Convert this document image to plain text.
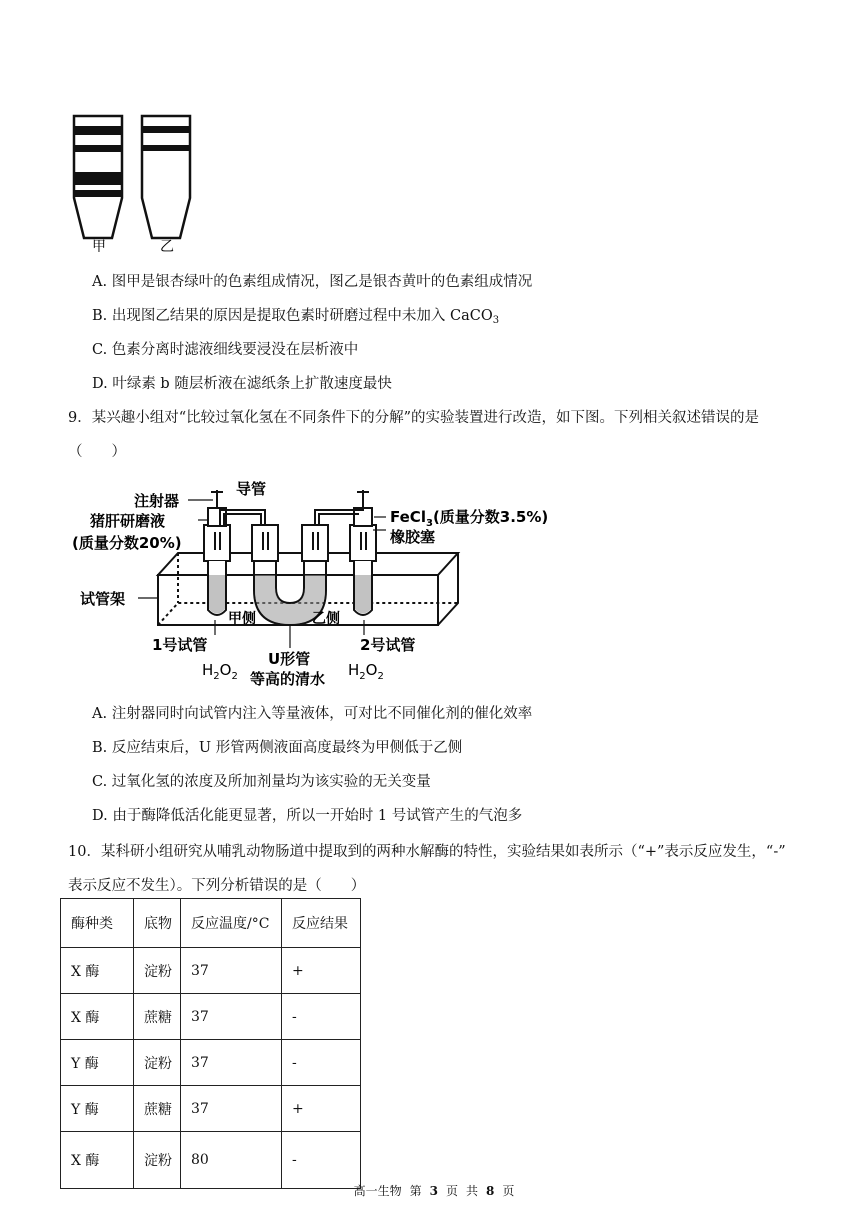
甲	乙
A. 图甲是银杏绿叶的色素组成情况，图乙是银杏黄叶的色素组成情况
B. 出现图乙结果的原因是提取色素时研磨过程中未加入 CaCO$_3$
C. 色素分离时滤液细线要浸没在层析液中
D. 叶绿素 b 随层析液在滤纸条上扩散速度最快
9．某兴趣小组对“比较过氧化氢在不同条件下的分解”的实验装置进行改造，如下图。下列相关叙述错误的是
（　　）
注射器
导管
猪肝研磨液
(质量分数20%)
FeCl$_3$(质量分数3.5%)
橡胶塞
试管架
甲侧	乙侧
1号试管	2号试管
$H_2O_2$	$H_2O_2$
U形管
等高的清水
A. 注射器同时向试管内注入等量液体，可对比不同催化剂的催化效率
B. 反应结束后，U 形管两侧液面高度最终为甲侧低于乙侧
C. 过氧化氢的浓度及所加剂量均为该实验的无关变量
D. 由于酶降低活化能更显著，所以一开始时 1 号试管产生的气泡多
10．某科研小组研究从哺乳动物肠道中提取到的两种水解酶的特性，实验结果如表所示（“+”表示反应发生，“-”
表示反应不发生）。下列分析错误的是（　　）
酶种类	底物	反应温度/°C	反应结果
X 酶	淀粉	37	+
X 酶	蔗糖	37	-
Y 酶	淀粉	37	-
Y 酶	蔗糖	37	+
X 酶	淀粉	80	-
高一生物 第 3 页 共 8 页
